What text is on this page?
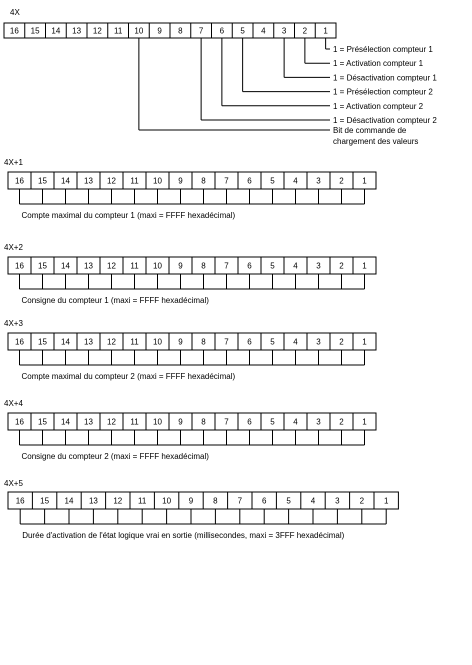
4X
16 15 14 13 12 11 10 9 8 7 6 5 4 3 2 1
1 = Présélection compteur 1
1 = Activation compteur 1
1 = Désactivation compteur 1
1 = Présélection compteur 2
1 = Activation compteur 2
1 = Désactivation compteur 2
Bit de commande de
chargement des valeurs
4X+1
16 15 14 13 12 11 10 9 8 7 6 5 4 3 2 1
Compte maximal du compteur 1 (maxi = FFFF hexadécimal)
4X+2
16 15 14 13 12 11 10 9 8 7 6 5 4 3 2 1
Consigne du compteur 1 (maxi = FFFF hexadécimal)
4X+3
16 15 14 13 12 11 10 9 8 7 6 5 4 3 2 1
Compte maximal du compteur 2 (maxi = FFFF hexadécimal)
4X+4
16 15 14 13 12 11 10 9 8 7 6 5 4 3 2 1
Consigne du compteur 2 (maxi = FFFF hexadécimal)
4X+5
16 15 14 13 12 11 10 9 8 7 6 5 4 3 2 1
Durée d'activation de l'état logique vrai en sortie (millisecondes, maxi = 3FFF hexadécimal)
